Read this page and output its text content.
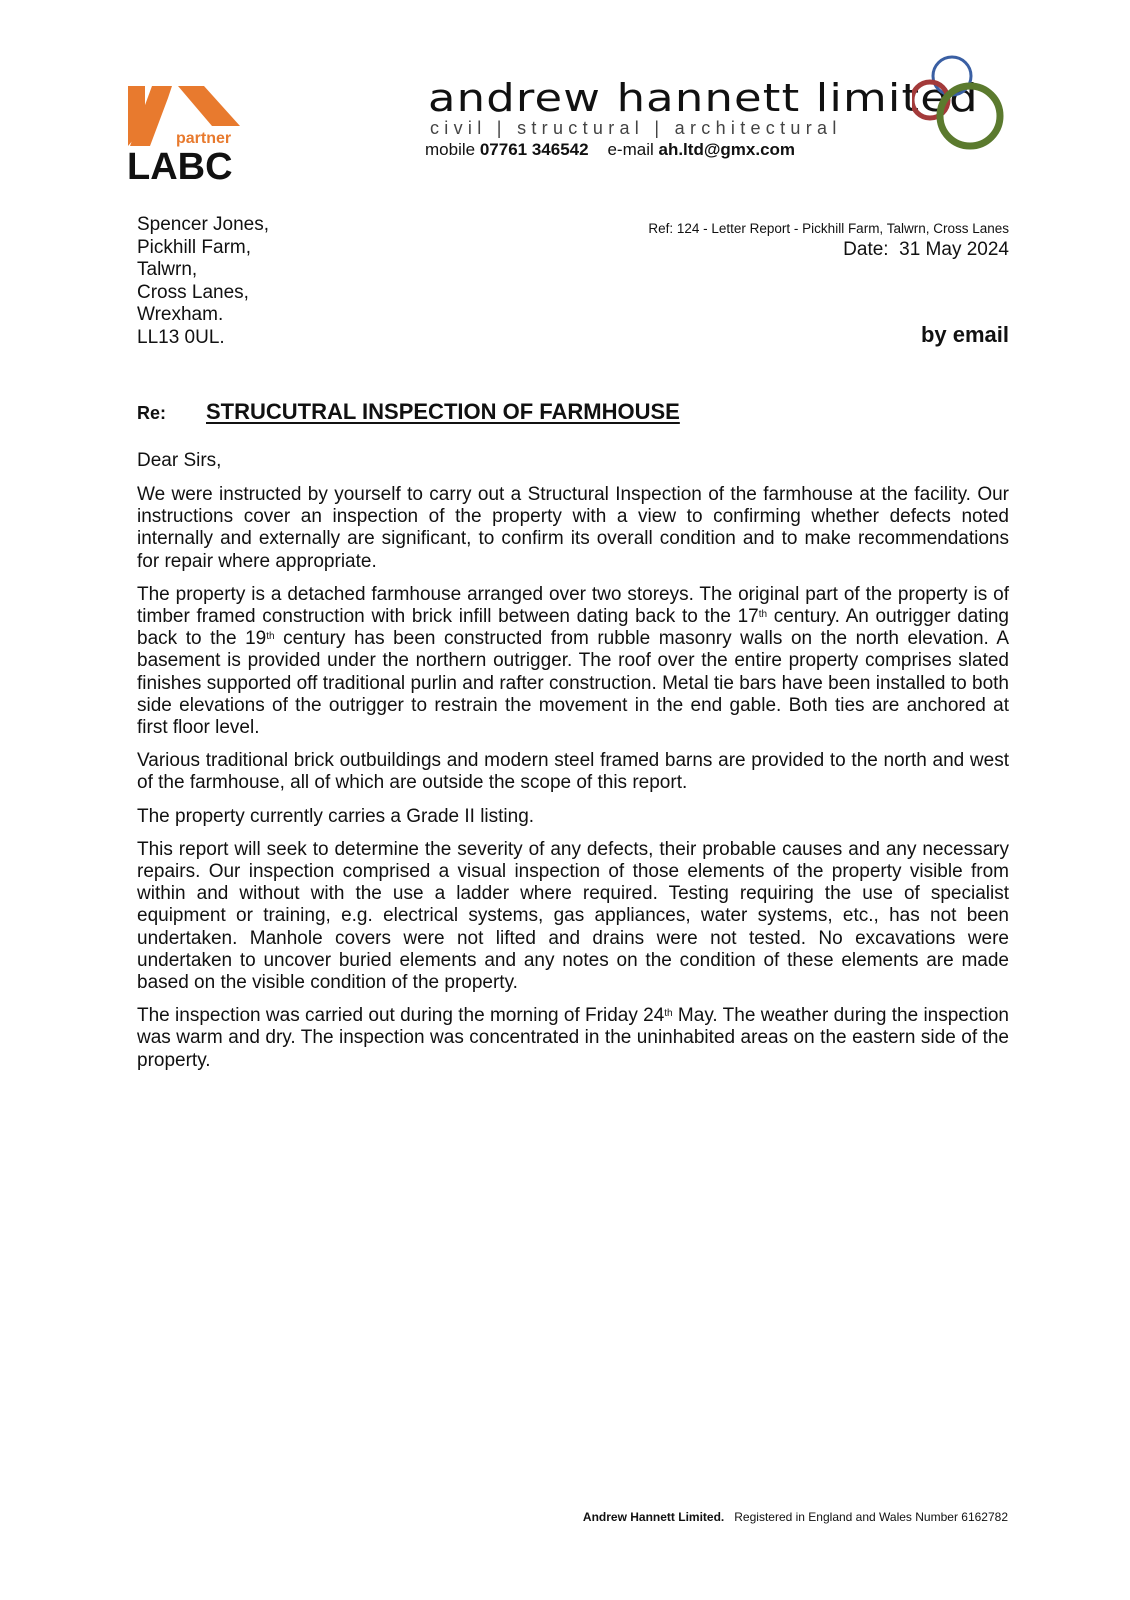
partner
LABC
andrew hannett limited
civil | structural | architectural
mobile 07761 346542 e-mail ah.ltd@gmx.com
Spencer Jones,
Pickhill Farm,
Talwrn,
Cross Lanes,
Wrexham.
LL13 0UL.
Ref: 124 - Letter Report - Pickhill Farm, Talwrn, Cross Lanes
Date: 31 May 2024
by email
Re: STRUCUTRAL INSPECTION OF FARMHOUSE
Dear Sirs,

We were instructed by yourself to carry out a Structural Inspection of the farmhouse at the facility. Our instructions cover an inspection of the property with a view to confirming whether defects noted internally and externally are significant, to confirm its overall condition and to make recommendations for repair where appropriate.

The property is a detached farmhouse arranged over two storeys. The original part of the property is of timber framed construction with brick infill between dating back to the 17th century. An outrigger dating back to the 19th century has been constructed from rubble masonry walls on the north elevation. A basement is provided under the northern outrigger. The roof over the entire property comprises slated finishes supported off traditional purlin and rafter construction. Metal tie bars have been installed to both side elevations of the outrigger to restrain the movement in the end gable. Both ties are anchored at first floor level.

Various traditional brick outbuildings and modern steel framed barns are provided to the north and west of the farmhouse, all of which are outside the scope of this report.

The property currently carries a Grade II listing.

This report will seek to determine the severity of any defects, their probable causes and any necessary repairs. Our inspection comprised a visual inspection of those elements of the property visible from within and without with the use a ladder where required. Testing requiring the use of specialist equipment or training, e.g. electrical systems, gas appliances, water systems, etc., has not been undertaken. Manhole covers were not lifted and drains were not tested. No excavations were undertaken to uncover buried elements and any notes on the condition of these elements are made based on the visible condition of the property.

The inspection was carried out during the morning of Friday 24th May. The weather during the inspection was warm and dry. The inspection was concentrated in the uninhabited areas on the eastern side of the property.

Andrew Hannett Limited. Registered in England and Wales Number 6162782
